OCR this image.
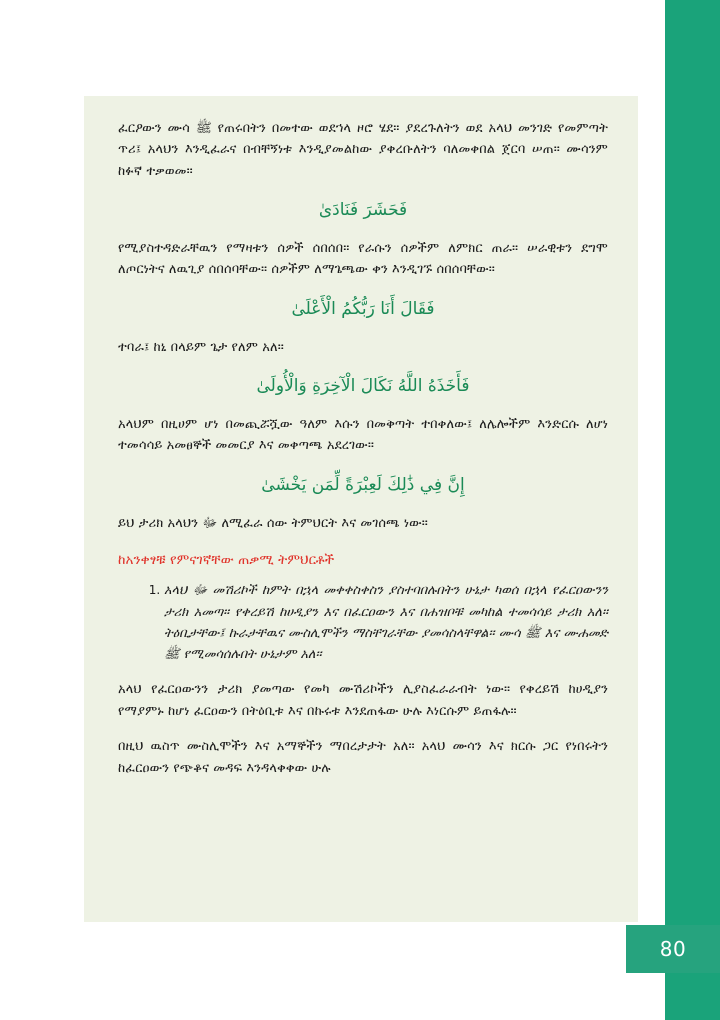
ፈርዖውን ሙሳ ﷺ የጠሩበትን በመተው ወደኀላ ዞሮ ሄደ። ያደረጉለትን ወደ አላህ መንገድ የመምጣት ጥሪ፤ አላህን እንዲፈራና በብቸኝነቱ እንዲያመልከው ያቀረቡለትን ባለመቀበል ጀርባ ሠጠ። ሙሳንም ከፉኛ ተቃወመ።

فَحَشَرَ فَنَادَىٰ

የሚያስተዳድራቸዉን የማዛቱን ሰዎች ሰበሰበ። የራሱን ሰዎችም ለምክር ጠራ። ሠራዊቱን ደግሞ ለጦርነትና ለዉጊያ ሰበሰባቸው። ሰዎችም ለማጌጫው ቀን እንዲገኙ ሰበሰባቸው።

فَقَالَ أَنَا رَبُّكُمُ الْأَعْلَىٰ

ተባራ፤ ከኒ በላይም ጌታ የለም አለ።

فَأَخَذَهُ اللَّهُ نَكَالَ الْآخِرَةِ وَالْأُولَىٰ

አላህም በዚሀም ሆነ በመጪሯሿው ዓለም እሱን በመቅጣት ተበቀለው፤ ለሌሎችም እንድርሱ ለሆነ ተመሳሳይ አመፀኞች መመርያ እና መቀጣጫ አደረገው።

إِنَّ فِي ذَٰلِكَ لَعِبْرَةً لِّمَن يَخْشَىٰ

ይህ ታሪክ አላህን ﷻ ለሚፈራ ሰው ትምህርት እና መገሰጫ ነው።

ከአንቀፃቹ የምናገኛቸው ጠቃሚ ትምህርቶች
1. አላህ ﷻ መሽሪኮች ከምት በኋላ መቀቀስቀስን ያስተባበሉበትን ሁኔታ ካወሰ በኋላ የፈርዐውንን ታሪክ አመጣ። የቀረይሽ ከሀዲያን እና በፈርዐውን እና በሐዝቦቹ መካከል ተመሳሳይ ታሪክ አለ። ትዕቢታቸው፤ ኩራታቸዉና ሙስሊሞችን ማስቸገራቸው ያመሳስላቸዋል። ሙሳ ﷺ እና ሙሐመድ ﷺ የሚመሳሰሉበት ሁኔታም አለ።

አላህ የፈርዐውንን ታሪክ ያመጣው የመካ ሙሽሪኮችን ሊያስፈራራብት ነው። የቀረይሽ ከሀዲያን የማያምኑ ከሆነ ፈርዐውን በትዕቢቱ እና በኩሩቱ እንደጠፋው ሁሉ እነርሱም ይጠፋሉ።

በዚህ ዉስጥ ሙስሊሞችን እና አማኞችን ማበረታታት አለ። አላህ ሙሳን እና ክርሱ ጋር የነበሩትን ከፈርዐውን የጭቆና መዳፍ እንዳላቀቀው ሁሉ

80
